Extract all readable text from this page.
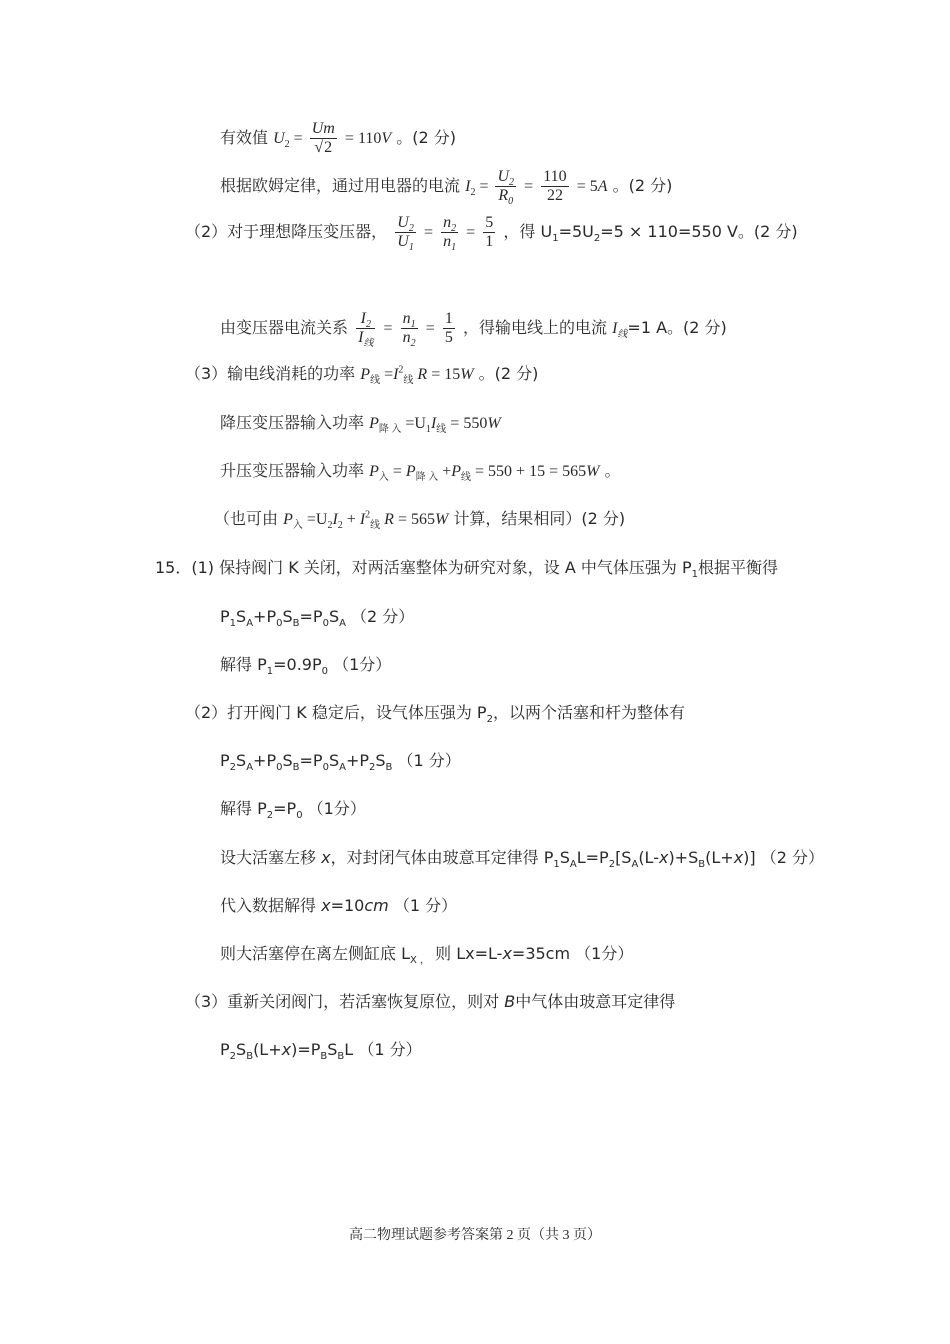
有效值 $U_2 = \frac{Um}{√2} = 110V$ 。(2 分)
根据欧姆定律，通过用电器的电流 $I_2 = \frac{U_2}{R_0} = \frac{110}{22} = 5A$ 。(2 分)
（2）对于理想降压变压器， $\frac{U_2}{U_1} = \frac{n_2}{n_1} = \frac{5}{1}$ ，得 $U_1=5U_2=5 \times 110=550$ V。(2 分)
由变压器电流关系 $\frac{I_2}{I_线} = \frac{n_1}{n_2} = \frac{1}{5}$ ，得输电线上的电流 $I_线=1$ A。(2 分)
（3）输电线消耗的功率 $P_线 =I^2_线$ R = 15W 。(2 分)
降压变压器输入功率 $P_{降 入} =U_1I_线 = 550W$
升压变压器输入功率 $P_入 = P_{降 入} +P_线 = 550 + 15 = 565W$ 。
（也可由 $P_入 =U_2I_2 + I^2_线$ R = 565W 计算，结果相同）(2 分)
15．(1) 保持阀门 K 关闭，对两活塞整体为研究对象，设 A 中气体压强为 $P_1$根据平衡得
$P_1S_A+P_0S_B=P_0S_A$ （2 分）
解得 $P_1=0.9P_0$ （1分）
（2）打开阀门 K 稳定后，设气体压强为 $P_2$，以两个活塞和杆为整体有
$P_2S_A+P_0S_B=P_0S_A+P_2S_B$ （1 分）
解得 $P_2=P_0$ （1分）
设大活塞左移 x，对封闭气体由玻意耳定律得 $P_1S_AL=P_2[S_A(L-x)+S_B(L+x)]$ （2 分）
代入数据解得 x=10cm （1 分）
则大活塞停在离左侧缸底 $L_{X ,}$ 则 Lx=L-x=35cm （1分）
（3）重新关闭阀门，若活塞恢复原位，则对 B中气体由玻意耳定律得
$P_2S_B(L+x)=P_BS_BL$ （1 分）
高二物理试题参考答案第 2 页（共 3 页）
